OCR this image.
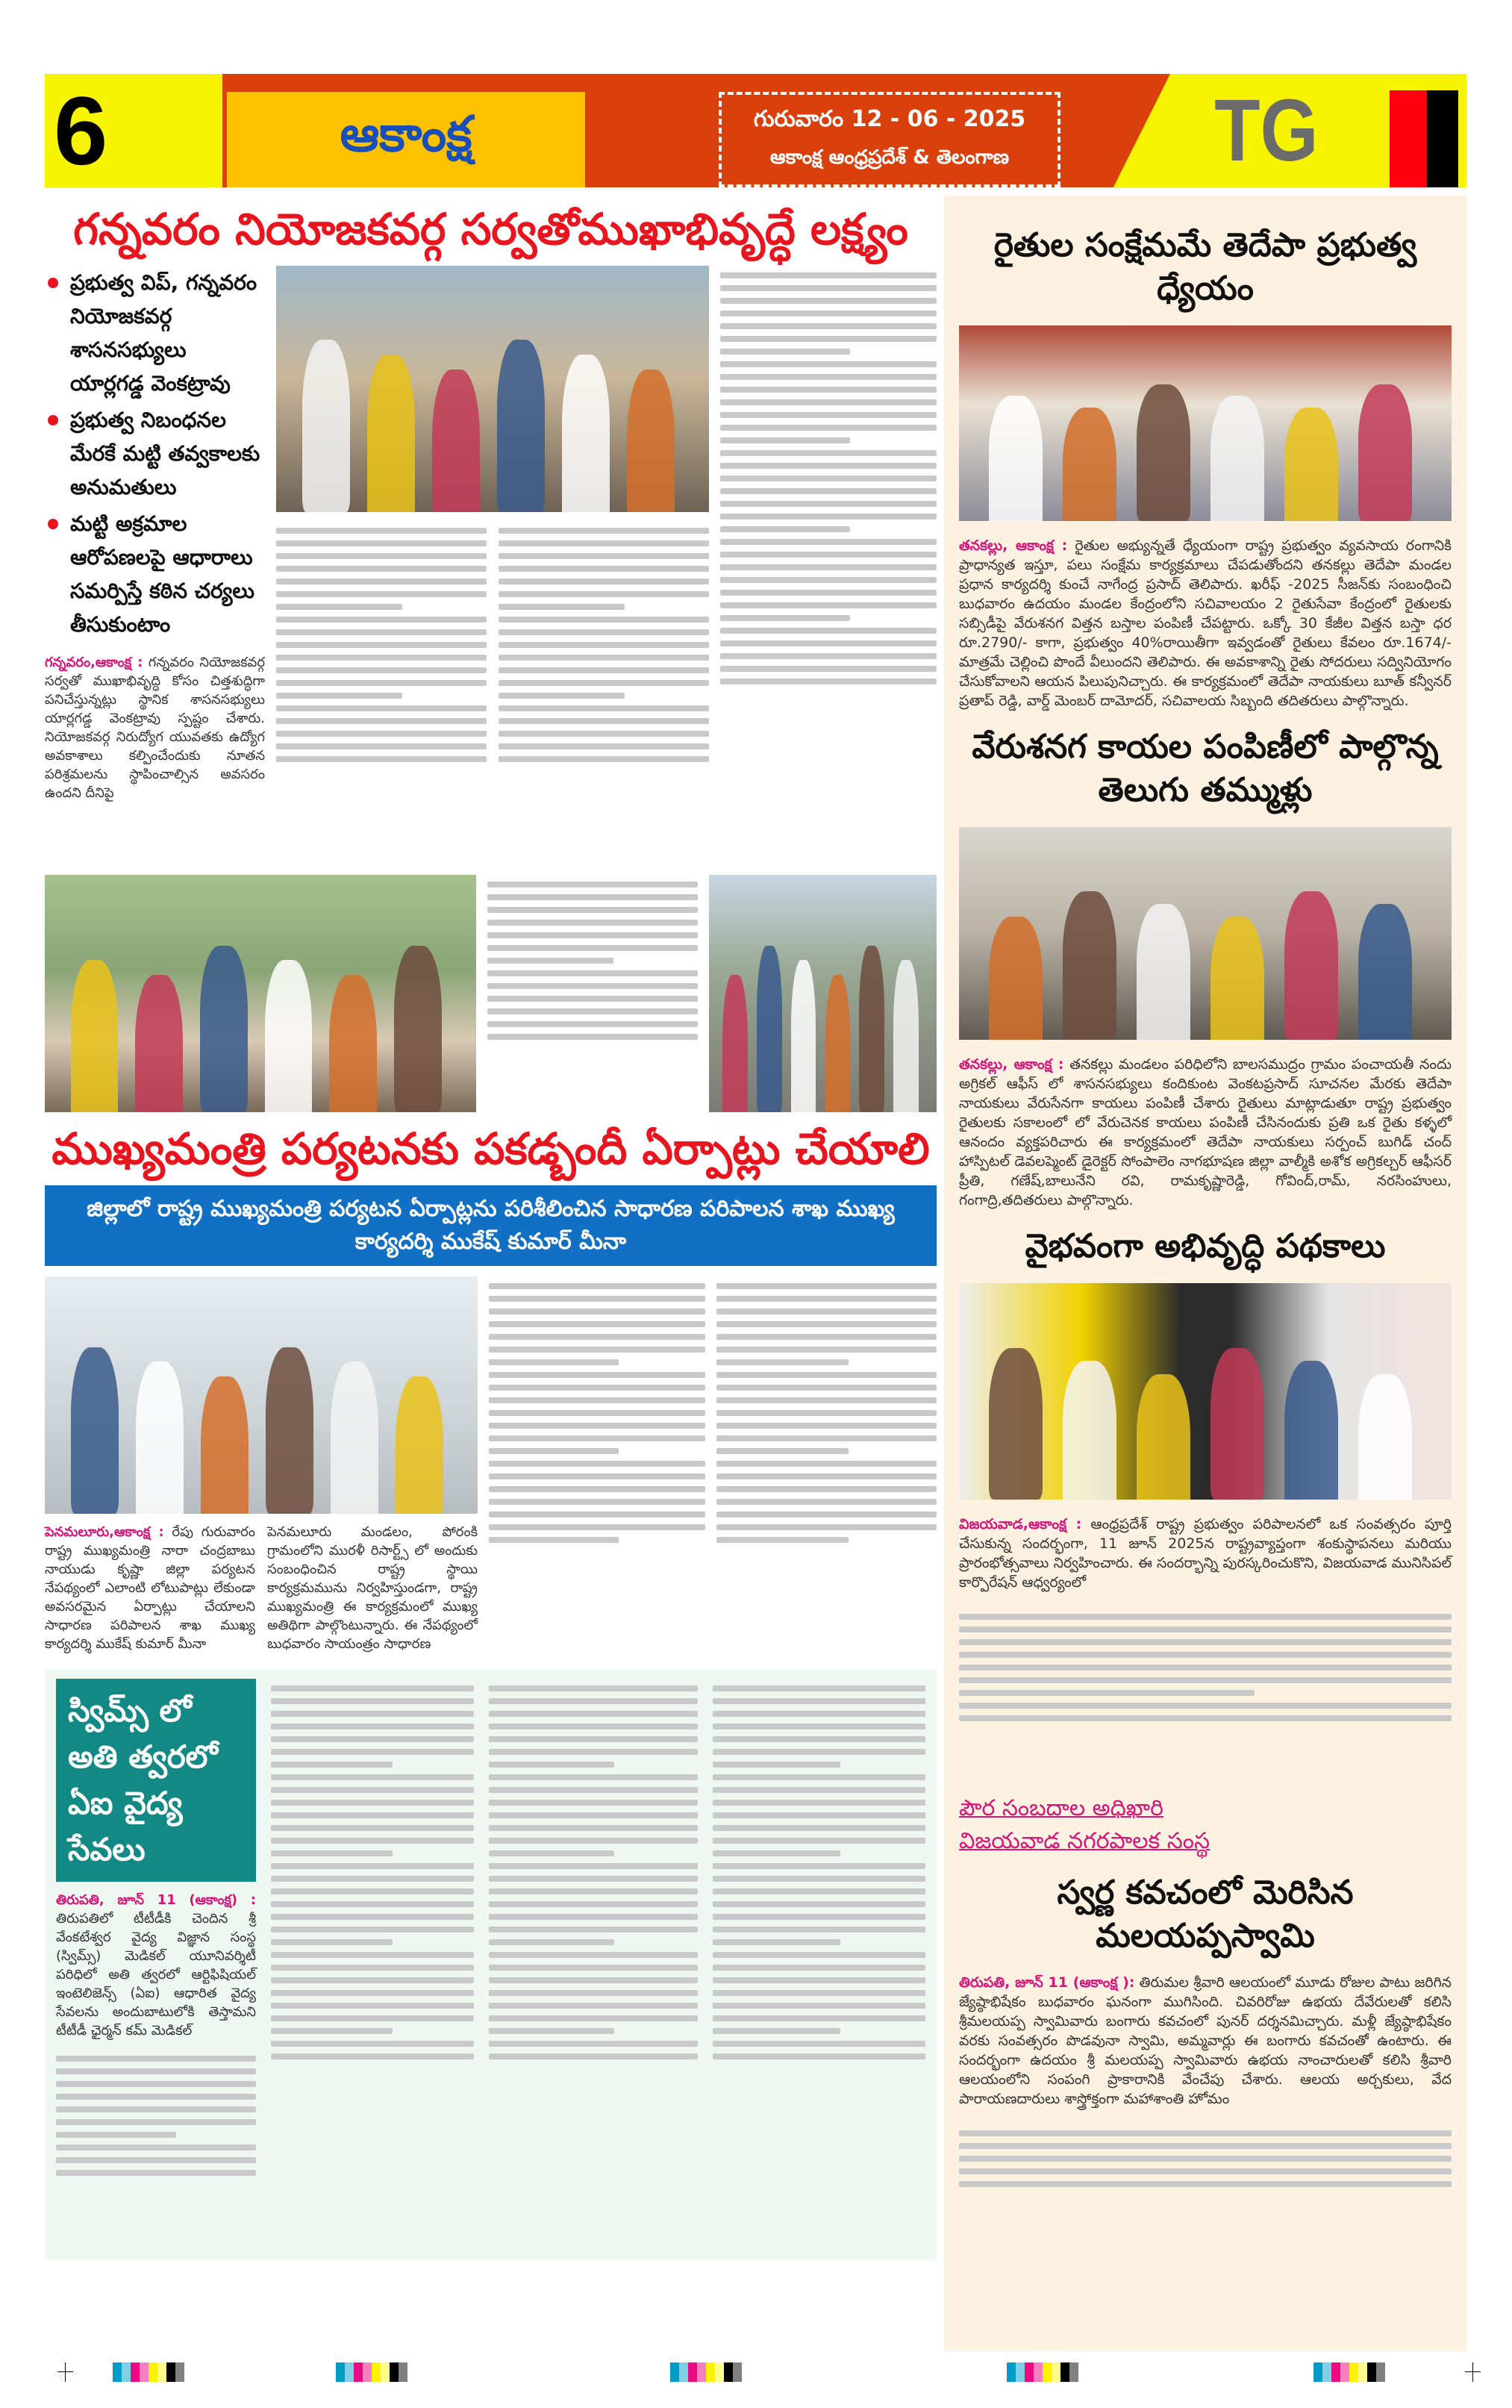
6	ఆకాంక్ష	గురువారం 12 - 06 - 2025
ఆకాంక్ష ఆంధ్రప్రదేశ్ & తెలంగాణ TG
గన్నవరం నియోజకవర్గ సర్వతోముఖాభివృద్ధే లక్ష్యం
ప్రభుత్వ విప్, గన్నవరం నియోజకవర్గ శాసనసభ్యులు యార్లగడ్డ వెంకట్రావు
ప్రభుత్వ నిబంధనల మేరకే మట్టి తవ్వకాలకు అనుమతులు
మట్టి అక్రమాల ఆరోపణలపై ఆధారాలు సమర్పిస్తే కఠిన చర్యలు తీసుకుంటాం
గన్నవరం,ఆకాంక్ష : గన్నవరం నియోజకవర్గ సర్వతో ముఖాభివృద్ధి కోసం చిత్తశుద్ధిగా పనిచేస్తున్నట్లు స్థానిక శాసనసభ్యులు యార్లగడ్డ వెంకట్రావు స్పష్టం చేశారు. నియోజకవర్గ నిరుద్యోగ యువతకు ఉద్యోగ అవకాశాలు కల్పించేందుకు నూతన పరిశ్రమలను స్థాపించాల్సిన అవసరం ఉందని దీనిపై
ముఖ్యమంత్రి పర్యటనకు పకడ్బందీ ఏర్పాట్లు చేయాలి
జిల్లాలో రాష్ట్ర ముఖ్యమంత్రి పర్యటన ఏర్పాట్లను పరిశీలించిన సాధారణ పరిపాలన శాఖ ముఖ్య కార్యదర్శి ముకేష్ కుమార్ మీనా
పెనమలూరు,ఆకాంక్ష : రేపు గురువారం రాష్ట్ర ముఖ్యమంత్రి నారా చంద్రబాబు నాయుడు కృష్ణా జిల్లా పర్యటన నేపథ్యంలో ఎలాంటి లోటుపాట్లు లేకుండా అవసరమైన ఏర్పాట్లు చేయాలని సాధారణ పరిపాలన శాఖ ముఖ్య కార్యదర్శి ముకేష్ కుమార్ మీనా
పెనమలూరు మండలం, పోరంకి గ్రామంలోని మురళీ రిసార్ట్స్ లో అందుకు సంబంధించిన రాష్ట్ర స్థాయి కార్యక్రమమును నిర్వహిస్తుండగా, రాష్ట్ర ముఖ్యమంత్రి ఈ కార్యక్రమంలో ముఖ్య అతిథిగా పాల్గొంటున్నారు. ఈ నేపథ్యంలో బుధవారం సాయంత్రం సాధారణ
స్విమ్స్ లో అతి త్వరలో ఏఐ వైద్య సేవలు
తిరుపతి, జూన్ 11 (ఆకాంక్ష) : తిరుపతిలో టీటీడీకి చెందిన శ్రీ వేంకటేశ్వర వైద్య విజ్ఞాన సంస్థ (స్విమ్స్) మెడికల్ యూనివర్శిటీ పరిధిలో అతి త్వరలో ఆర్టిఫిషియల్ ఇంటెలిజెన్స్ (ఏఐ) ఆధారిత వైద్య సేవలను అందుబాటులోకి తెస్తామని టీటీడీ ఛైర్మన్ కమ్ మెడికల్
రైతుల సంక్షేమమే తెదేపా ప్రభుత్వ ధ్యేయం
తనకల్లు, ఆకాంక్ష : రైతుల అభ్యున్నతే ధ్యేయంగా రాష్ట్ర ప్రభుత్వం వ్యవసాయ రంగానికి ప్రాధాన్యత ఇస్తూ, పలు సంక్షేమ కార్యక్రమాలు చేపడుతోందని తనకల్లు తెదేపా మండల ప్రధాన కార్యదర్శి కుంచే నాగేంద్ర ప్రసాద్ తెలిపారు. ఖరీఫ్ -2025 సీజన్‌కు సంబంధించి బుధవారం ఉదయం మండల కేంద్రంలోని సచివాలయం 2 రైతుసేవా కేంద్రంలో రైతులకు సబ్సిడీపై వేరుశనగ విత్తన బస్తాల పంపిణీ చేపట్టారు. ఒక్కో 30 కేజీల విత్తన బస్తా ధర రూ.2790/- కాగా, ప్రభుత్వం 40%రాయితీగా ఇవ్వడంతో రైతులు కేవలం రూ.1674/- మాత్రమే చెల్లించి పొందే వీలుందని తెలిపారు. ఈ అవకాశాన్ని రైతు సోదరులు సద్వినియోగం చేసుకోవాలని ఆయన పిలుపునిచ్చారు. ఈ కార్యక్రమంలో తెదేపా నాయకులు బూత్ కన్వీనర్ ప్రతాప్ రెడ్డి, వార్డ్ మెంబర్ దామోదర్, సచివాలయ సిబ్బంది తదితరులు పాల్గొన్నారు.
వేరుశనగ కాయల పంపిణీలో పాల్గొన్న తెలుగు తమ్ముళ్లు
తనకల్లు, ఆకాంక్ష : తనకల్లు మండలం పరిధిలోని బాలసముద్రం గ్రామం పంచాయతీ నందు అగ్రికల్ ఆఫీస్ లో శాసనసభ్యులు కందికుంట వెంకటప్రసాద్ సూచనల మేరకు తెదేపా నాయకులు వేరుసేనగా కాయలు పంపిణీ చేశారు రైతులు మాట్లాడుతూ రాష్ట్ర ప్రభుత్వం రైతులకు సకాలంలో లో వేరుచెనక కాయలు పంపిణీ చేసినందుకు ప్రతి ఒక రైతు కళ్ళలో ఆనందం వ్యక్తపరిచారు ఈ కార్యక్రమంలో తెదేపా నాయకులు సర్పంచ్ బుగిడ్ చంద్ హాస్పిటల్ డెవలప్మెంట్ డైరెక్టర్ సోంపాలెం నాగభూషణ జిల్లా వాల్మీకి అశోక అగ్రికల్చర్ ఆఫీసర్ ప్రీతి, గణేష్,బాలునేని రవి, రామకృష్ణారెడ్డి, గోవింద్,రామ్, నరసింహులు, గంగాద్రి,తదితరులు పాల్గొన్నారు.
వైభవంగా అభివృద్ధి పథకాలు
విజయవాడ,ఆకాంక్ష : ఆంధ్రప్రదేశ్ రాష్ట్ర ప్రభుత్వం పరిపాలనలో ఒక సంవత్సరం పూర్తి చేసుకున్న సందర్భంగా, 11 జూన్ 2025న రాష్ట్రవ్యాప్తంగా శంకుస్థాపనలు మరియు ప్రారంభోత్సవాలు నిర్వహించారు. ఈ సందర్భాన్ని పురస్కరించుకొని, విజయవాడ మునిసిపల్ కార్పొరేషన్ ఆధ్వర్యంలో
పౌర సంబదాల అధిఖారి
విజయవాడ నగరపాలక సంస్థ
స్వర్ణ కవచంలో మెరిసిన మలయప్పస్వామి
తిరుపతి, జూన్ 11 (ఆకాంక్ష ): తిరుమల శ్రీవారి ఆలయంలో మూడు రోజుల పాటు జరిగిన జ్యేష్ఠాభిషేకం బుధవారం ఘనంగా ముగిసింది. చివరిరోజు ఉభయ దేవేరులతో కలిసి శ్రీమలయప్ప స్వామివారు బంగారు కవచంలో పునర్ దర్శనమిచ్చారు. మళ్లీ జ్యేష్ఠాభిషేకం వరకు సంవత్సరం పొడవునా స్వామి, అమ్మవార్లు ఈ బంగారు కవచంతో ఉంటారు. ఈ సందర్భంగా ఉదయం శ్రీ మలయప్ప స్వామివారు ఉభయ నాంచారులతో కలిసి శ్రీవారి ఆలయంలోని సంపంగి ప్రాకారానికి వేంచేపు చేశారు. ఆలయ అర్చకులు, వేద పారాయణదారులు శాస్త్రోక్తంగా మహాశాంతి హోమం
